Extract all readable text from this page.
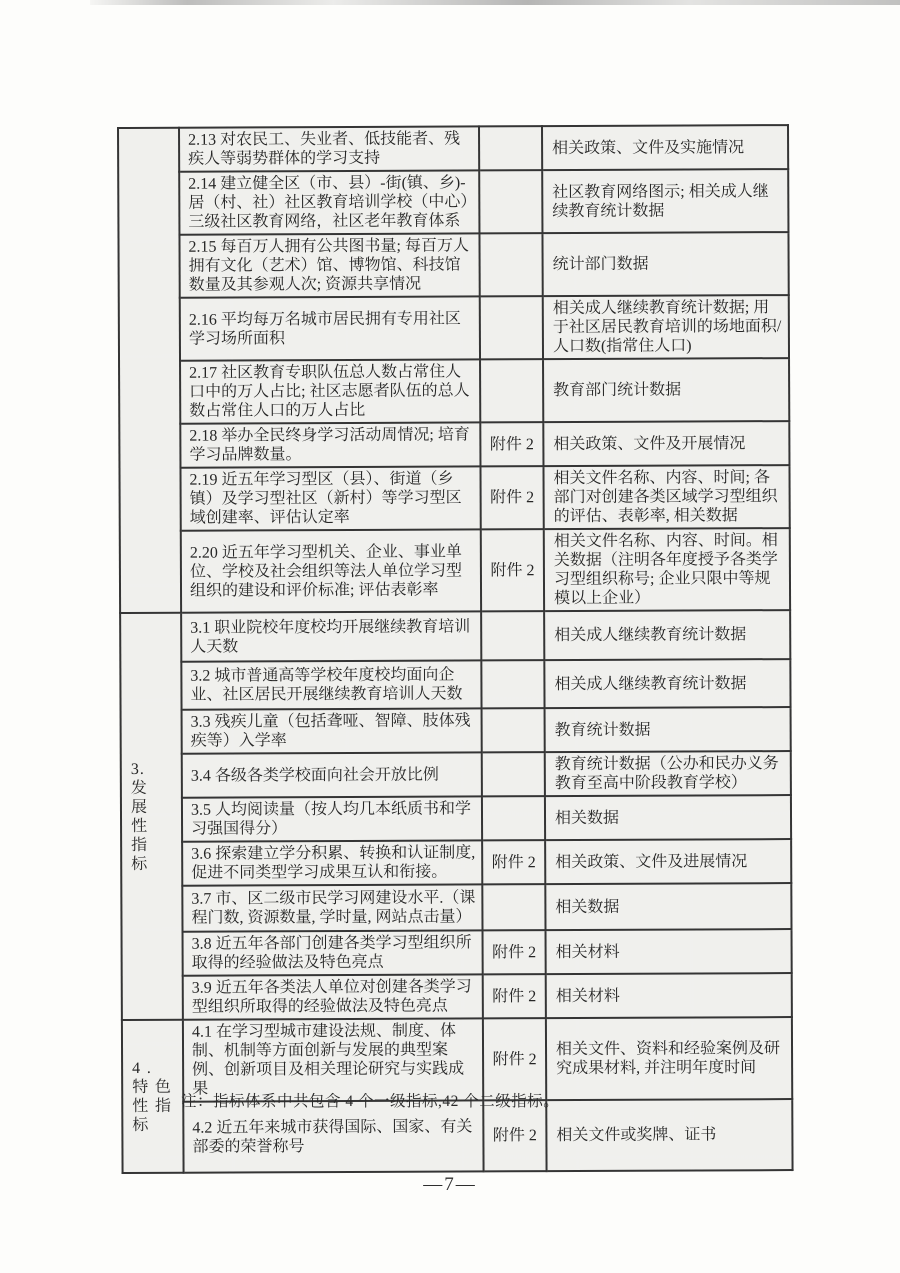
	2.13 对农民工、失业者、低技能者、残疾人等弱势群体的学习支持		相关政策、文件及实施情况
	2.14 建立健全区（市、县）-街(镇、乡)-居（村、社）社区教育培训学校（中心）三级社区教育网络，社区老年教育体系		社区教育网络图示; 相关成人继续教育统计数据
	2.15 每百万人拥有公共图书量; 每百万人拥有文化（艺术）馆、博物馆、科技馆数量及其参观人次; 资源共享情况		统计部门数据
	2.16 平均每万名城市居民拥有专用社区学习场所面积		相关成人继续教育统计数据; 用于社区居民教育培训的场地面积/人口数(指常住人口)
	2.17 社区教育专职队伍总人数占常住人口中的万人占比; 社区志愿者队伍的总人数占常住人口的万人占比		教育部门统计数据
	2.18 举办全民终身学习活动周情况; 培育学习品牌数量。	附件 2	相关政策、文件及开展情况
	2.19 近五年学习型区（县）、街道（乡镇）及学习型社区（新村）等学习型区域创建率、评估认定率	附件 2	相关文件名称、内容、时间; 各部门对创建各类区域学习型组织的评估、表彰率, 相关数据
	2.20 近五年学习型机关、企业、事业单位、学校及社会组织等法人单位学习型组织的建设和评价标准; 评估表彰率	附件 2	相关文件名称、内容、时间。相关数据（注明各年度授予各类学习型组织称号; 企业只限中等规模以上企业）
3.
发
展
性
指
标	3.1 职业院校年度校均开展继续教育培训人天数		相关成人继续教育统计数据
	3.2 城市普通高等学校年度校均面向企业、社区居民开展继续教育培训人天数		相关成人继续教育统计数据
	3.3 残疾儿童（包括聋哑、智障、肢体残疾等）入学率		教育统计数据
	3.4 各级各类学校面向社会开放比例		教育统计数据（公办和民办义务教育至高中阶段教育学校）
	3.5 人均阅读量（按人均几本纸质书和学习强国得分）		相关数据
	3.6 探索建立学分积累、转换和认证制度, 促进不同类型学习成果互认和衔接。	附件 2	相关政策、文件及进展情况
	3.7 市、区二级市民学习网建设水平.（课程门数, 资源数量, 学时量, 网站点击量）		相关数据
	3.8 近五年各部门创建各类学习型组织所取得的经验做法及特色亮点	附件 2	相关材料
	3.9 近五年各类法人单位对创建各类学习型组织所取得的经验做法及特色亮点	附件 2	相关材料
4.
特色
性指
标	4.1 在学习型城市建设法规、制度、体制、机制等方面创新与发展的典型案例、创新项目及相关理论研究与实践成果	附件 2	相关文件、资料和经验案例及研究成果材料, 并注明年度时间
	4.2 近五年来城市获得国际、国家、有关部委的荣誉称号	附件 2	相关文件或奖牌、证书
注：指标体系中共包含 4 个一级指标,42 个二级指标。
—7—
